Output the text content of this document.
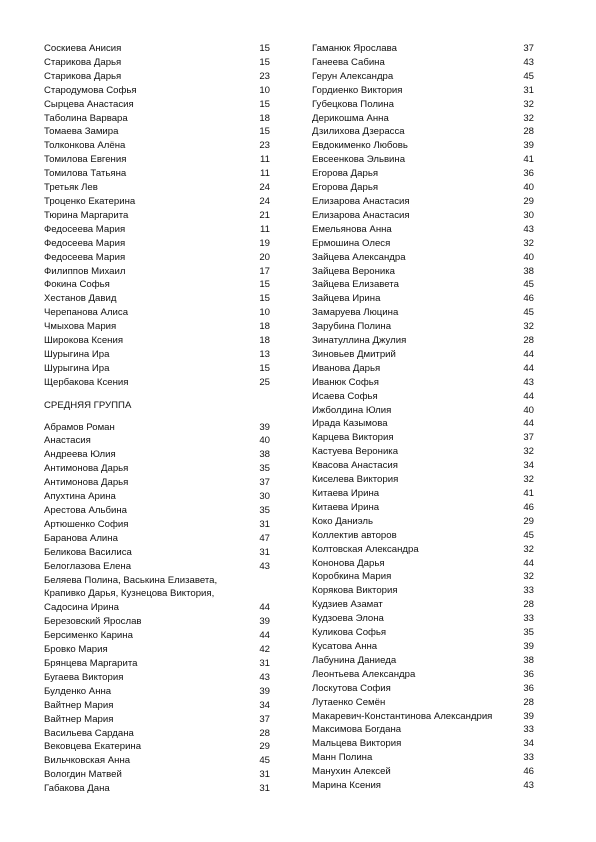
Соскиева Анисия	15
Старикова Дарья	15
Старикова Дарья	23
Стародумова Софья	10
Сырцева Анастасия	15
Таболина Варвара	18
Томаева Замира	15
Толконкова Алёна	23
Томилова Евгения	11
Томилова Татьяна	11
Третьяк Лев	24
Троценко Екатерина	24
Тюрина Маргарита	21
Федосеева Мария	11
Федосеева Мария	19
Федосеева Мария	20
Филиппов Михаил	17
Фокина Софья	15
Хестанов Давид	15
Черепанова Алиса	10
Чмыхова Мария	18
Широкова Ксения	18
Шурыгина Ира	13
Шурыгина Ира	15
Щербакова Ксения	25
СРЕДНЯЯ ГРУППА
Абрамов Роман	39
Анастасия	40
Андреева Юлия	38
Антимонова Дарья	35
Антимонова Дарья	37
Апухтина Арина	30
Арестова Альбина	35
Артюшенко София	31
Баранова Алина	47
Беликова Василиса	31
Белоглазова Елена	43
Беляева Полина, Васькина Елизавета, Крапивко Дарья, Кузнецова Виктория, Садосина Ирина	44
Березовский Ярослав	39
Берсименко Карина	44
Бровко Мария	42
Брянцева Маргарита	31
Бугаева Виктория	43
Булденко Анна	39
Вайтнер Мария	34
Вайтнер Мария	37
Васильева Сардана	28
Вековцева Екатерина	29
Вильчковская Анна	45
Вологдин Матвей	31
Габакова Дана	31
Гаманюк Ярослава	37
Ганеева Сабина	43
Герун Александра	45
Гордиенко Виктория	31
Губецкова Полина	32
Дерикошма Анна	32
Дзилихова Дзерасса	28
Евдокименко Любовь	39
Евсеенкова Эльвина	41
Егорова Дарья	36
Егорова Дарья	40
Елизарова Анастасия	29
Елизарова Анастасия	30
Емельянова Анна	43
Ермошина Олеся	32
Зайцева Александра	40
Зайцева Вероника	38
Зайцева Елизавета	45
Зайцева Ирина	46
Замаруева Люцина	45
Зарубина Полина	32
Зинатуллина Джулия	28
Зиновьев Дмитрий	44
Иванова Дарья	44
Иванюк Софья	43
Исаева Софья	44
Ижболдина Юлия	40
Ирада Казымова	44
Карцева Виктория	37
Кастуева Вероника	32
Квасова Анастасия	34
Киселева Виктория	32
Китаева Ирина	41
Китаева Ирина	46
Коко Даниэль	29
Коллектив авторов	45
Колтовская Александра	32
Кононова Дарья	44
Коробкина Мария	32
Корякова Виктория	33
Кудзиев Азамат	28
Кудзоева Элона	33
Куликова Софья	35
Кусатова Анна	39
Лабунина Даниеда	38
Леонтьева Александра	36
Лоскутова София	36
Лутаенко Семён	28
Макаревич-Константинова Александрия	39
Максимова Богдана	33
Мальцева Виктория	34
Манн Полина	33
Манухин Алексей	46
Марина Ксения	43
